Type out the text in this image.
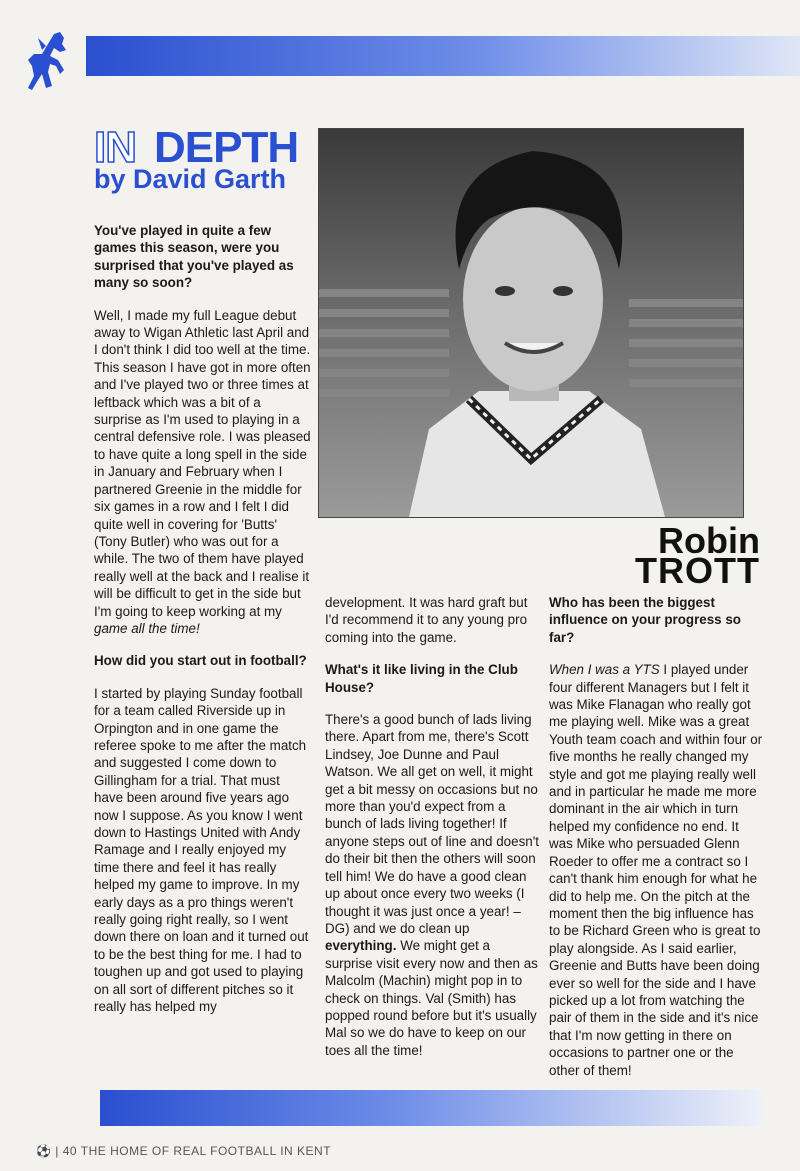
IN DEPTH
by David Garth
Robin
TROTT

You've played in quite a few games this season, were you surprised that you've played as many so soon?

Well, I made my full League debut away to Wigan Athletic last April and I don't think I did too well at the time. This season I have got in more often and I've played two or three times at leftback which was a bit of a surprise as I'm used to playing in a central defensive role. I was pleased to have quite a long spell in the side in January and February when I partnered Greenie in the middle for six games in a row and I felt I did quite well in covering for 'Butts' (Tony Butler) who was out for a while. The two of them have played really well at the back and I realise it will be difficult to get in the side but I'm going to keep working at my game all the time!

How did you start out in football?

I started by playing Sunday football for a team called Riverside up in Orpington and in one game the referee spoke to me after the match and suggested I come down to Gillingham for a trial. That must have been around five years ago now I suppose. As you know I went down to Hastings United with Andy Ramage and I really enjoyed my time there and feel it has really helped my game to improve. In my early days as a pro things weren't really going right really, so I went down there on loan and it turned out to be the best thing for me. I had to toughen up and got used to playing on all sort of different pitches so it really has helped my

development. It was hard graft but I'd recommend it to any young pro coming into the game.

What's it like living in the Club House?

There's a good bunch of lads living there. Apart from me, there's Scott Lindsey, Joe Dunne and Paul Watson. We all get on well, it might get a bit messy on occasions but no more than you'd expect from a bunch of lads living together! If anyone steps out of line and doesn't do their bit then the others will soon tell him! We do have a good clean up about once every two weeks (I thought it was just once a year! – DG) and we do clean up everything. We might get a surprise visit every now and then as Malcolm (Machin) might pop in to check on things. Val (Smith) has popped round before but it's usually Mal so we do have to keep on our toes all the time!

Who has been the biggest influence on your progress so far?

When I was a YTS I played under four different Managers but I felt it was Mike Flanagan who really got me playing well. Mike was a great Youth team coach and within four or five months he really changed my style and got me playing really well and in particular he made me more dominant in the air which in turn helped my confidence no end. It was Mike who persuaded Glenn Roeder to offer me a contract so I can't thank him enough for what he did to help me. On the pitch at the moment then the big influence has to be Richard Green who is great to play alongside. As I said earlier, Greenie and Butts have been doing ever so well for the side and I have picked up a lot from watching the pair of them in the side and it's nice that I'm now getting in there on occasions to partner one or the other of them!

⚽ | 40 THE HOME OF REAL FOOTBALL IN KENT
